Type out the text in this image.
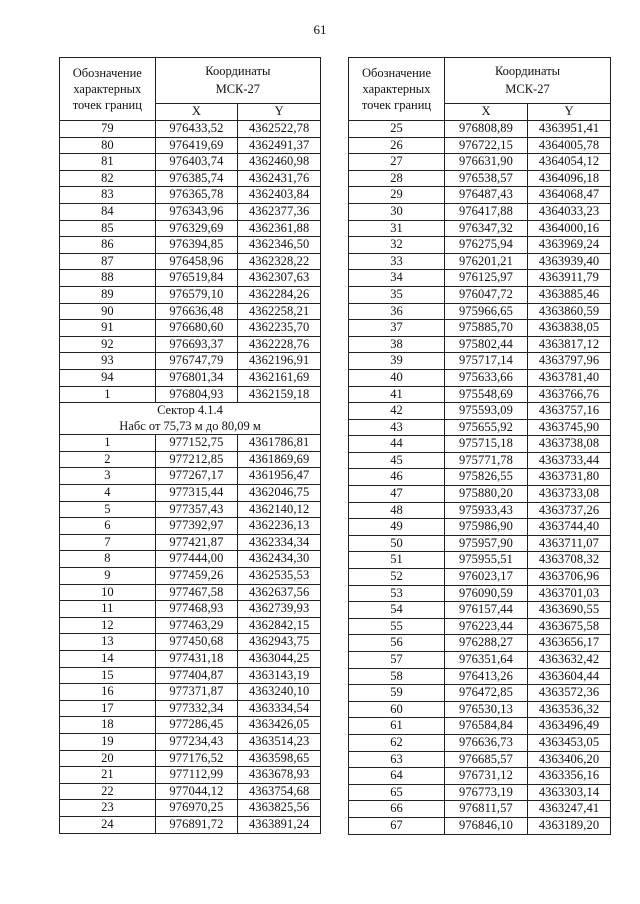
61
Обозначение характерных точек границ	Координаты
МСК-27	

	X	Y
79	976433,52	4362522,78
80	976419,69	4362491,37
81	976403,74	4362460,98
82	976385,74	4362431,76
83	976365,78	4362403,84
84	976343,96	4362377,36
85	976329,69	4362361,88
86	976394,85	4362346,50
87	976458,96	4362328,22
88	976519,84	4362307,63
89	976579,10	4362284,26
90	976636,48	4362258,21
91	976680,60	4362235,70
92	976693,37	4362228,76
93	976747,79	4362196,91
94	976801,34	4362161,69
1	976804,93	4362159,18

Сектор 4.1.4
Набс от 75,73 м до 80,09 м		

1	977152,75	4361786,81
2	977212,85	4361869,69
3	977267,17	4361956,47
4	977315,44	4362046,75
5	977357,43	4362140,12
6	977392,97	4362236,13
7	977421,87	4362334,34
8	977444,00	4362434,30
9	977459,26	4362535,53
10	977467,58	4362637,56
11	977468,93	4362739,93
12	977463,29	4362842,15
13	977450,68	4362943,75
14	977431,18	4363044,25
15	977404,87	4363143,19
16	977371,87	4363240,10
17	977332,34	4363334,54
18	977286,45	4363426,05
19	977234,43	4363514,23
20	977176,52	4363598,65
21	977112,99	4363678,93
22	977044,12	4363754,68
23	976970,25	4363825,56
24	976891,72	4363891,24
Обозначение характерных точек границ	Координаты
МСК-27	

	X	Y
25	976808,89	4363951,41
26	976722,15	4364005,78
27	976631,90	4364054,12
28	976538,57	4364096,18
29	976487,43	4364068,47
30	976417,88	4364033,23
31	976347,32	4364000,16
32	976275,94	4363969,24
33	976201,21	4363939,40
34	976125,97	4363911,79
35	976047,72	4363885,46
36	975966,65	4363860,59
37	975885,70	4363838,05
38	975802,44	4363817,12
39	975717,14	4363797,96
40	975633,66	4363781,40
41	975548,69	4363766,76
42	975593,09	4363757,16
43	975655,92	4363745,90
44	975715,18	4363738,08
45	975771,78	4363733,44
46	975826,55	4363731,80
47	975880,20	4363733,08
48	975933,43	4363737,26
49	975986,90	4363744,40
50	975957,90	4363711,07
51	975955,51	4363708,32
52	976023,17	4363706,96
53	976090,59	4363701,03
54	976157,44	4363690,55
55	976223,44	4363675,58
56	976288,27	4363656,17
57	976351,64	4363632,42
58	976413,26	4363604,44
59	976472,85	4363572,36
60	976530,13	4363536,32
61	976584,84	4363496,49
62	976636,73	4363453,05
63	976685,57	4363406,20
64	976731,12	4363356,16
65	976773,19	4363303,14
66	976811,57	4363247,41
67	976846,10	4363189,20
